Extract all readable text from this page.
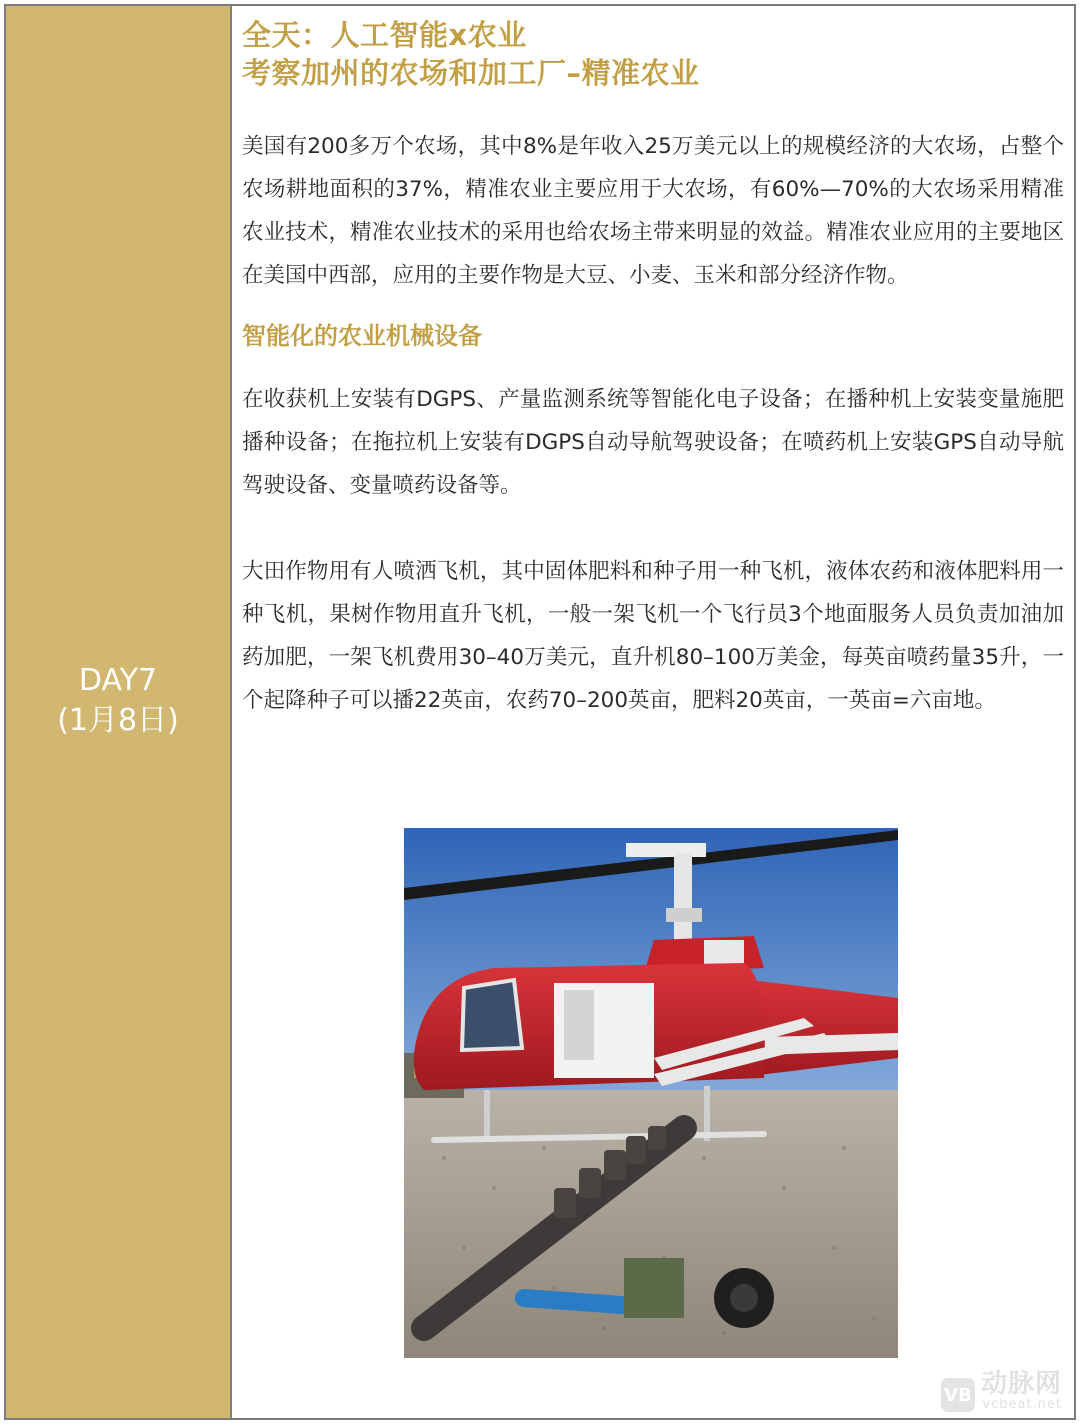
DAY7
(1月8日)
全天：人工智能x农业
考察加州的农场和加工厂–精准农业

美国有200多万个农场，其中8%是年收入25万美元以上的规模经济的大农场，占整个农场耕地面积的37%，精准农业主要应用于大农场，有60%—70%的大农场采用精准农业技术，精准农业技术的采用也给农场主带来明显的效益。精准农业应用的主要地区在美国中西部，应用的主要作物是大豆、小麦、玉米和部分经济作物。

智能化的农业机械设备

在收获机上安装有DGPS、产量监测系统等智能化电子设备；在播种机上安装变量施肥播种设备；在拖拉机上安装有DGPS自动导航驾驶设备；在喷药机上安装GPS自动导航驾驶设备、变量喷药设备等。

大田作物用有人喷洒飞机，其中固体肥料和种子用一种飞机，液体农药和液体肥料用一种飞机，果树作物用直升飞机，一般一架飞机一个飞行员3个地面服务人员负责加油加药加肥，一架飞机费用30–40万美元，直升机80–100万美金，每英亩喷药量35升，一个起降种子可以播22英亩，农药70–200英亩，肥料20英亩，一英亩=六亩地。

VB 动脉网
vcbeat.net
